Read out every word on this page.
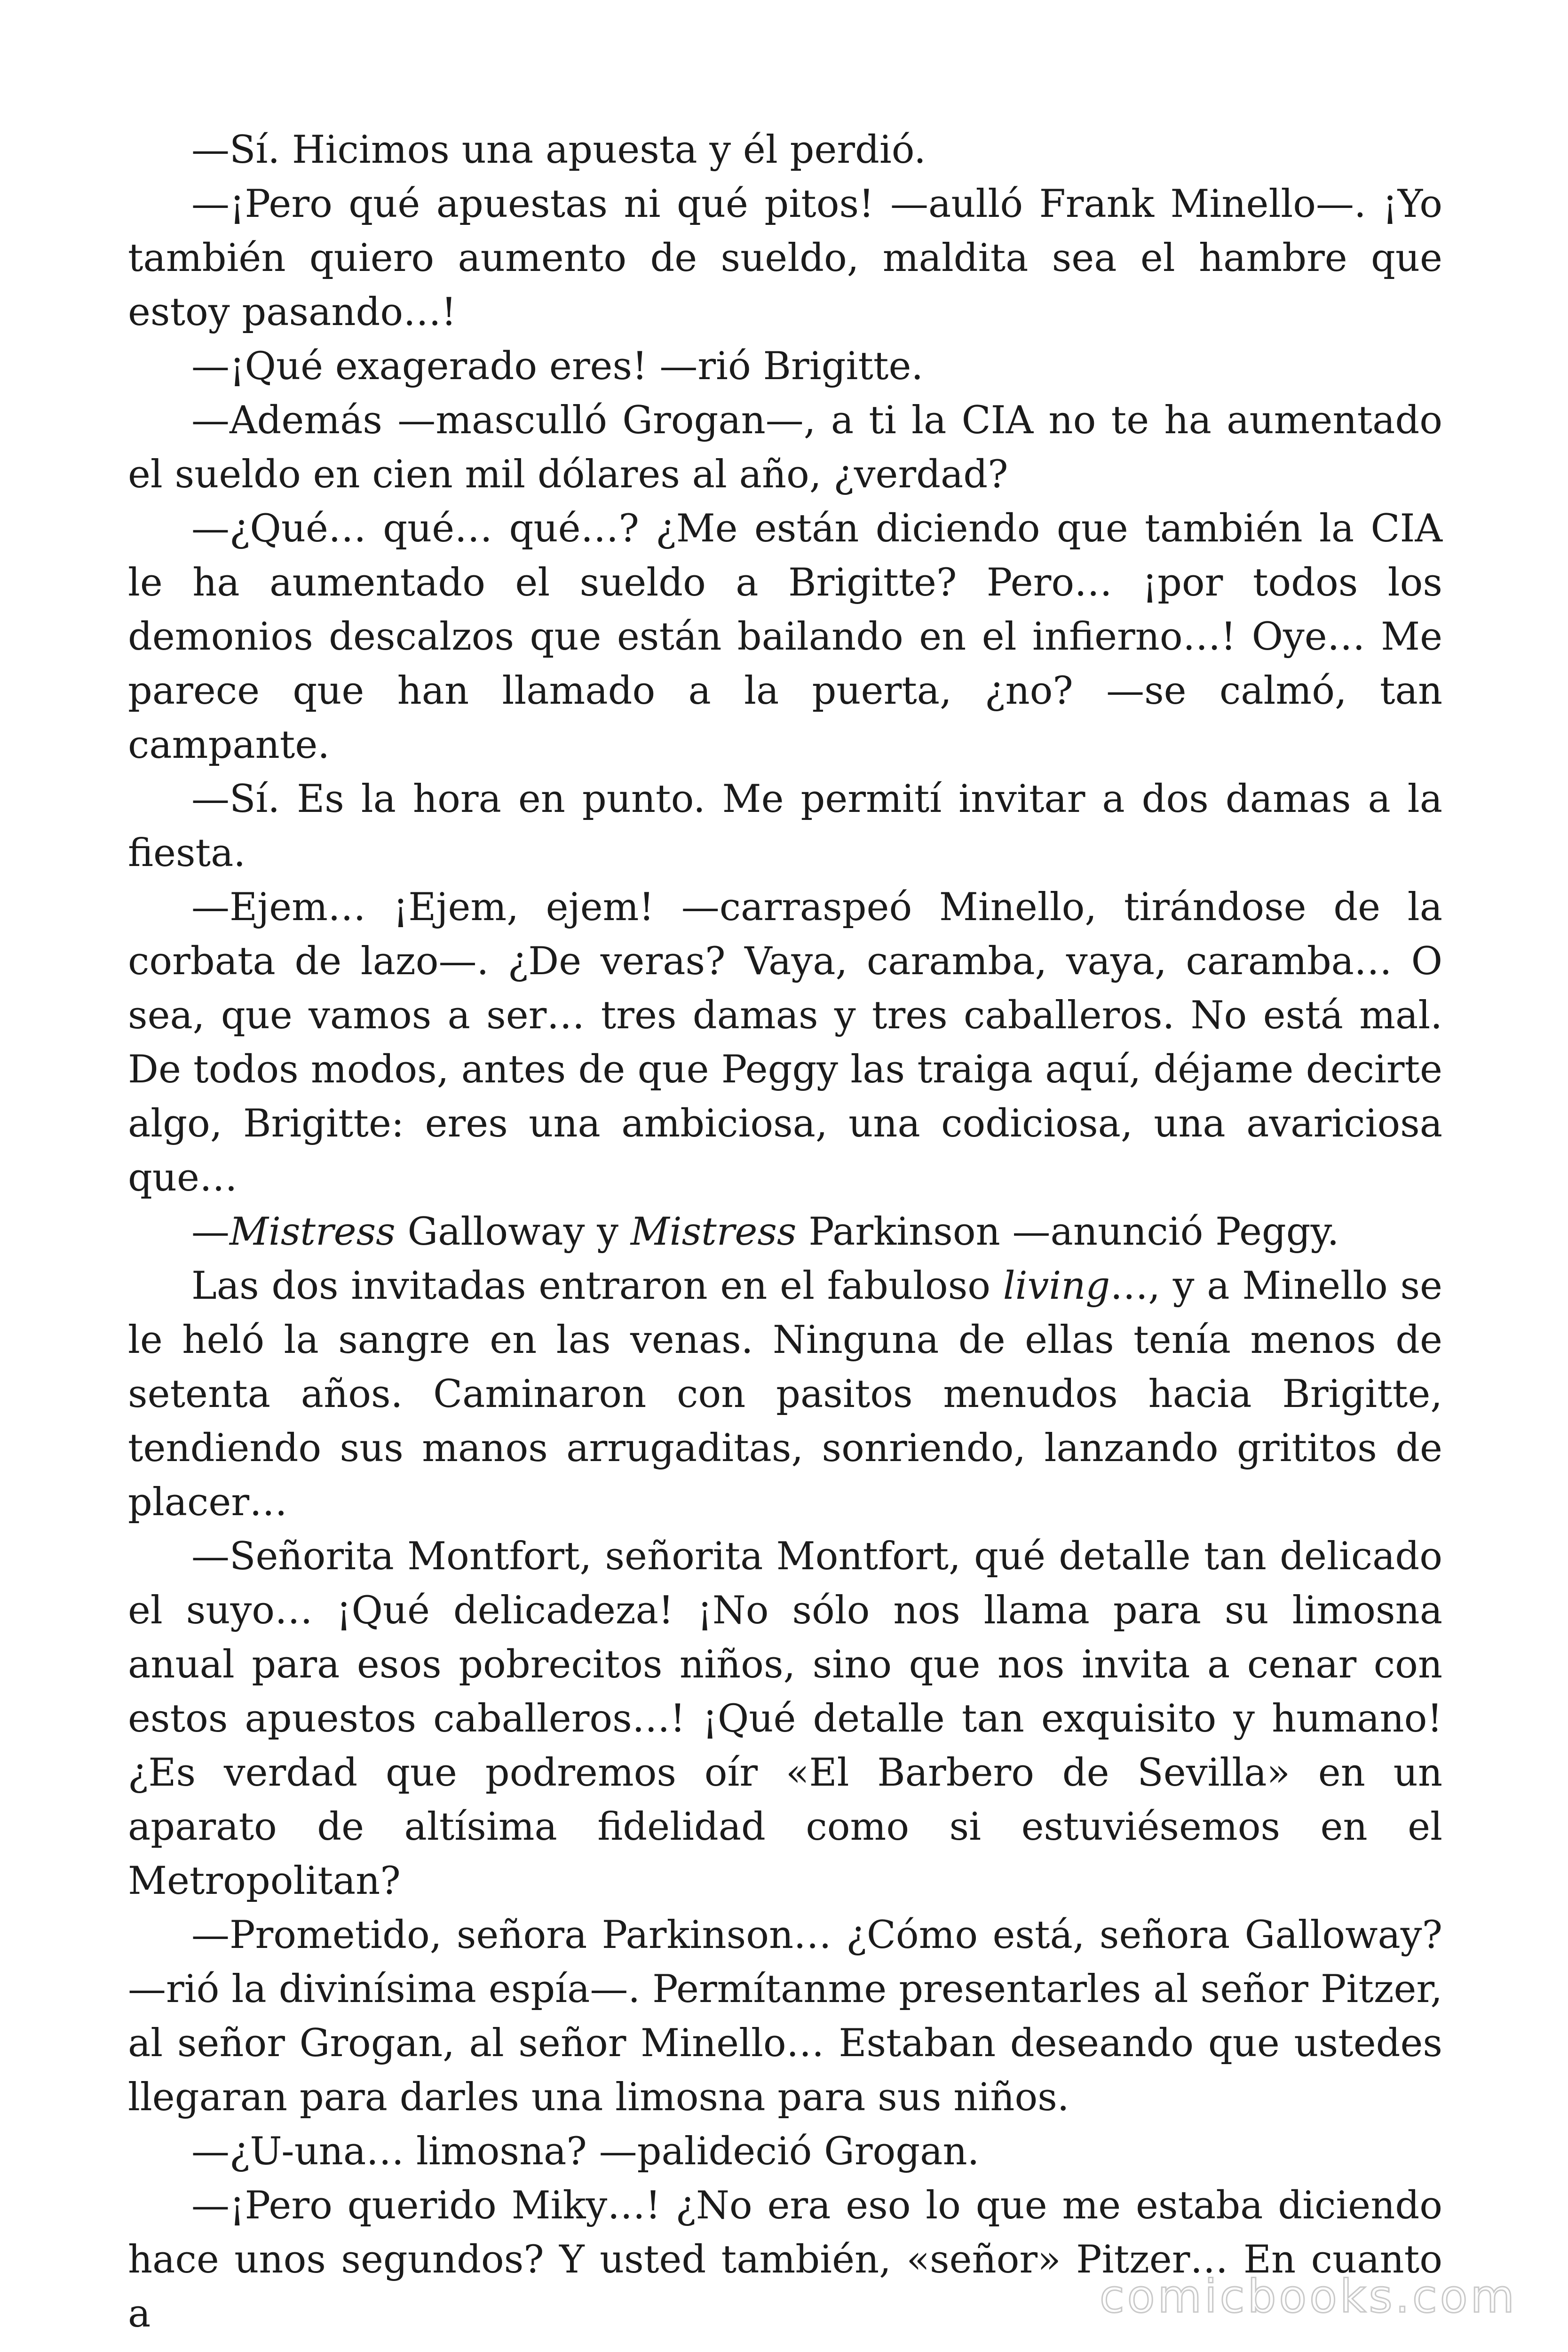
—Sí. Hicimos una apuesta y él perdió.

—¡Pero qué apuestas ni qué pitos! —aulló Frank Minello—. ¡Yo también quiero aumento de sueldo, maldita sea el hambre que estoy pasando…!

—¡Qué exagerado eres! —rió Brigitte.

—Además —masculló Grogan—, a ti la CIA no te ha aumentado el sueldo en cien mil dólares al año, ¿verdad?

—¿Qué… qué… qué…? ¿Me están diciendo que también la CIA le ha aumentado el sueldo a Brigitte? Pero… ¡por todos los demonios descalzos que están bailando en el infierno…! Oye… Me parece que han llamado a la puerta, ¿no? —se calmó, tan campante.

—Sí. Es la hora en punto. Me permití invitar a dos damas a la fiesta.

—Ejem… ¡Ejem, ejem! —carraspeó Minello, tirándose de la corbata de lazo—. ¿De veras? Vaya, caramba, vaya, caramba… O sea, que vamos a ser… tres damas y tres caballeros. No está mal. De todos modos, antes de que Peggy las traiga aquí, déjame decirte algo, Brigitte: eres una ambiciosa, una codiciosa, una avariciosa que…

—Mistress Galloway y Mistress Parkinson —anunció Peggy.

Las dos invitadas entraron en el fabuloso living…, y a Minello se le heló la sangre en las venas. Ninguna de ellas tenía menos de setenta años. Caminaron con pasitos menudos hacia Brigitte, tendiendo sus manos arrugaditas, sonriendo, lanzando grititos de placer…

—Señorita Montfort, señorita Montfort, qué detalle tan delicado el suyo… ¡Qué delicadeza! ¡No sólo nos llama para su limosna anual para esos pobrecitos niños, sino que nos invita a cenar con estos apuestos caballeros…! ¡Qué detalle tan exquisito y humano! ¿Es verdad que podremos oír «El Barbero de Sevilla» en un aparato de altísima fidelidad como si estuviésemos en el Metropolitan?

—Prometido, señora Parkinson… ¿Cómo está, señora Galloway? —rió la divinísima espía—. Permítanme presentarles al señor Pitzer, al señor Grogan, al señor Minello… Estaban deseando que ustedes llegaran para darles una limosna para sus niños.

—¿U-una… limosna? —palideció Grogan.

—¡Pero querido Miky…! ¿No era eso lo que me estaba diciendo hace unos segundos? Y usted también, «señor» Pitzer… En cuanto a	comicbooks.com
